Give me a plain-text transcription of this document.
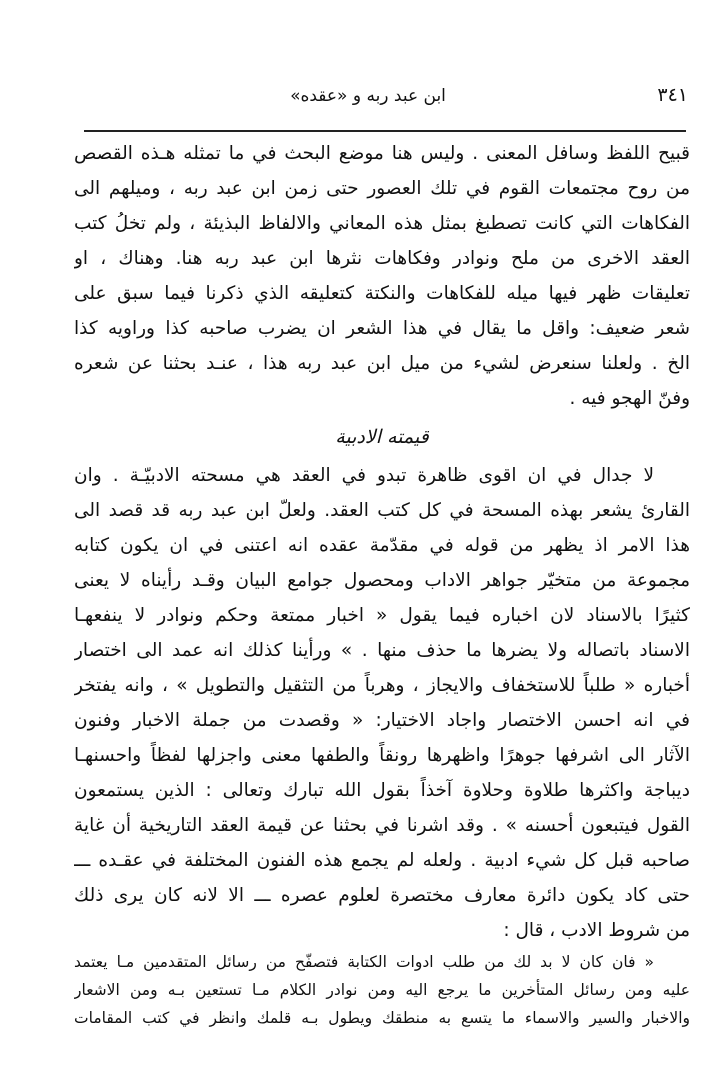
٣٤١
ابن عبد ربه و «عقده»
قبيح اللفظ وسافل المعنى . وليس هنا موضع البحث في ما تمثله هـذه القصص
من روح مجتمعات القوم في تلك العصور حتى زمن ابن عبد ربه ، وميلهم الى
الفكاهات التي كانت تصطبغ بمثل هذه المعاني والالفاظ البذيئة ، ولم تخلُ كتب
العقد الاخرى من ملح ونوادر وفكاهات نثرها ابن عبد ربه هنا. وهناك ، او
تعليقات ظهر فيها ميله للفكاهات والنكتة كتعليقه الذي ذكرنا فيما سبق على
شعر ضعيف: واقل ما يقال في هذا الشعر ان يضرب صاحبه كذا وراويه كذا
الخ . ولعلنا سنعرض لشيء من ميل ابن عبد ربه هذا ، عنـد بحثنا عن شعره
وفنّ الهجو فيه .
قيمته الادبية
لا جدال في ان اقوى ظاهرة تبدو في العقد هي مسحته الادبيّـة . وان
القارئ يشعر بهذه المسحة في كل كتب العقد. ولعلّ ابن عبد ربه قد قصد الى
هذا الامر اذ يظهر من قوله في مقدّمة عقده انه اعتنى في ان يكون كتابه
مجموعة من متخيّر جواهر الاداب ومحصول جوامع البيان وقـد رأيناه لا يعنى
كثيرًا بالاسناد لان اخباره فيما يقول « اخبار ممتعة وحكم ونوادر لا ينفعهـا
الاسناد باتصاله ولا يضرها ما حذف منها . » ورأينا كذلك انه عمد الى اختصار
أخباره « طلباً للاستخفاف والايجاز ، وهرباً من التثقيل والتطويل » ، وانه يفتخر
في انه احسن الاختصار واجاد الاختيار: « وقصدت من جملة الاخبار وفنون
الآثار الى اشرفها جوهرًا واظهرها رونقاً والطفها معنى واجزلها لفظاً واحسنهـا
ديباجة واكثرها طلاوة وحلاوة آخذاً بقول الله تبارك وتعالى : الذين يستمعون
القول فيتبعون أحسنه » . وقد اشرنا في بحثنا عن قيمة العقد التاريخية أن غاية
صاحبه قبل كل شيء ادبية . ولعله لم يجمع هذه الفنون المختلفة في عقـده ـــ
حتى كاد يكون دائرة معارف مختصرة لعلوم عصره ـــ الا لانه كان يرى ذلك
من شروط الادب ، قال :
« فان كان لا بد لك من طلب ادوات الكتابة فتصفّح من رسائل المتقدمين مـا يعتمد
عليه ومن رسائل المتأخرين ما يرجع اليه ومن نوادر الكلام مـا تستعين بـه ومن الاشعار
والاخبار والسير والاسماء ما يتسع به منطقك ويطول بـه قلمك وانظر في كتب المقامات
